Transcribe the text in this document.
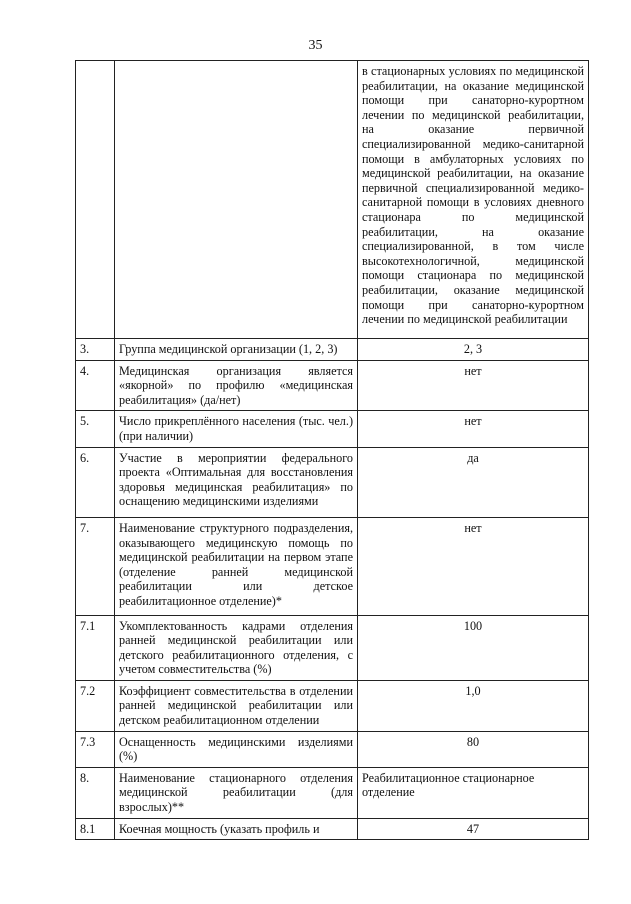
35
		в стационарных условиях по медицинской реабилитации, на оказание медицинской помощи при санаторно-курортном лечении по медицинской реабилитации, на оказание первичной специализированной медико-санитарной помощи в амбулаторных условиях по медицинской реабилитации, на оказание первичной специализированной медико-санитарной помощи в условиях дневного стационара по медицинской реабилитации, на оказание специализированной, в том числе высокотехнологичной, медицинской помощи стационара по медицинской реабилитации, оказание медицинской помощи при санаторно-курортном лечении по медицинской реабилитации
3.	Группа медицинской организации (1, 2, 3)	2, 3
4.	Медицинская организация является «якорной» по профилю «медицинская реабилитация» (да/нет)	нет
5.	Число прикреплённого населения (тыс. чел.) (при наличии)	нет
6.	Участие в мероприятии федерального проекта «Оптимальная для восстановления здоровья медицинская реабилитация» по оснащению медицинскими изделиями	да
7.	Наименование структурного подразделения, оказывающего медицинскую помощь по медицинской реабилитации на первом этапе (отделение ранней медицинской реабилитации или детское реабилитационное отделение)*	нет
7.1	Укомплектованность кадрами отделения ранней медицинской реабилитации или детского реабилитационного отделения, с учетом совместительства (%)	100
7.2	Коэффициент совместительства в отделении ранней медицинской реабилитации или детском реабилитационном отделении	1,0
7.3	Оснащенность медицинскими изделиями (%)	80
8.	Наименование стационарного отделения медицинской реабилитации (для взрослых)**	Реабилитационное стационарное отделение
8.1	Коечная мощность (указать профиль и	47
